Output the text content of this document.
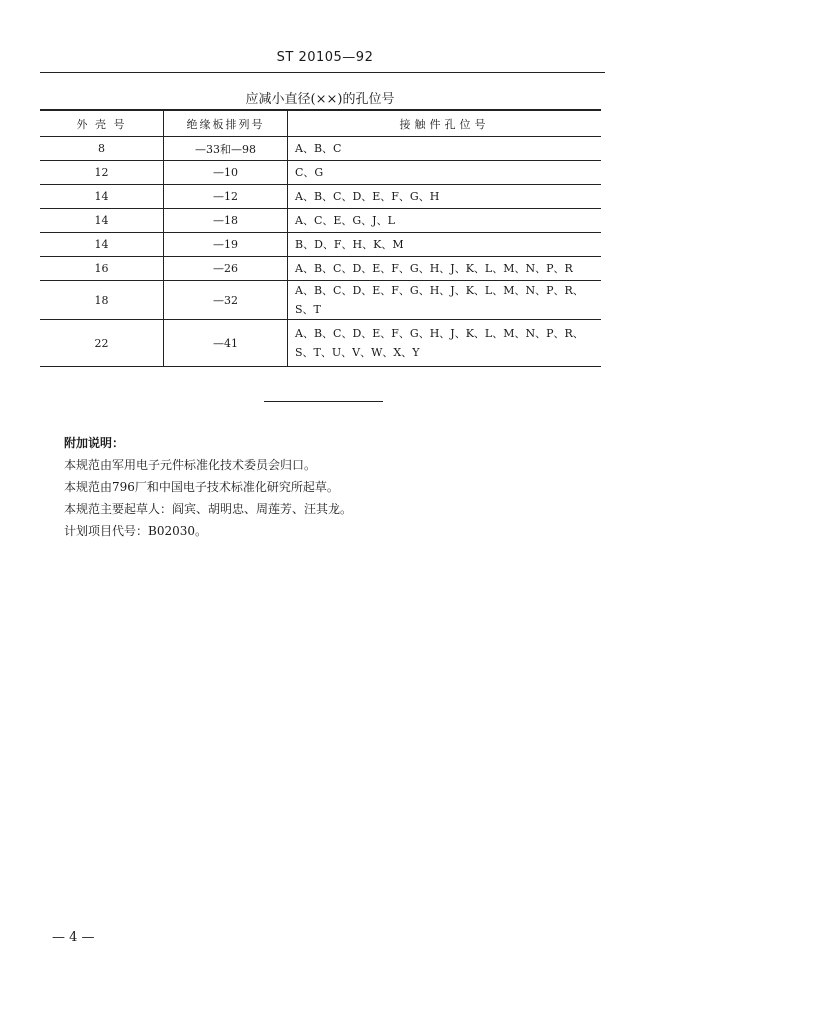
ST 20105—92
应减小直径(××)的孔位号
外 壳 号	绝缘板排列号	接触件孔位号
8	—33和—98	A、B、C
12	—10	C、G
14	—12	A、B、C、D、E、F、G、H
14	—18	A、C、E、G、J、L
14	—19	B、D、F、H、K、M
16	—26	A、B、C、D、E、F、G、H、J、K、L、M、N、P、R
18	—32	A、B、C、D、E、F、G、H、J、K、L、M、N、P、R、S、T
22	—41	A、B、C、D、E、F、G、H、J、K、L、M、N、P、R、S、T、U、V、W、X、Y
附加说明：
本规范由军用电子元件标准化技术委员会归口。
本规范由796厂和中国电子技术标准化研究所起草。
本规范主要起草人：阎宾、胡明忠、周莲芳、汪其龙。
计划项目代号：B02030。
— 4 —
